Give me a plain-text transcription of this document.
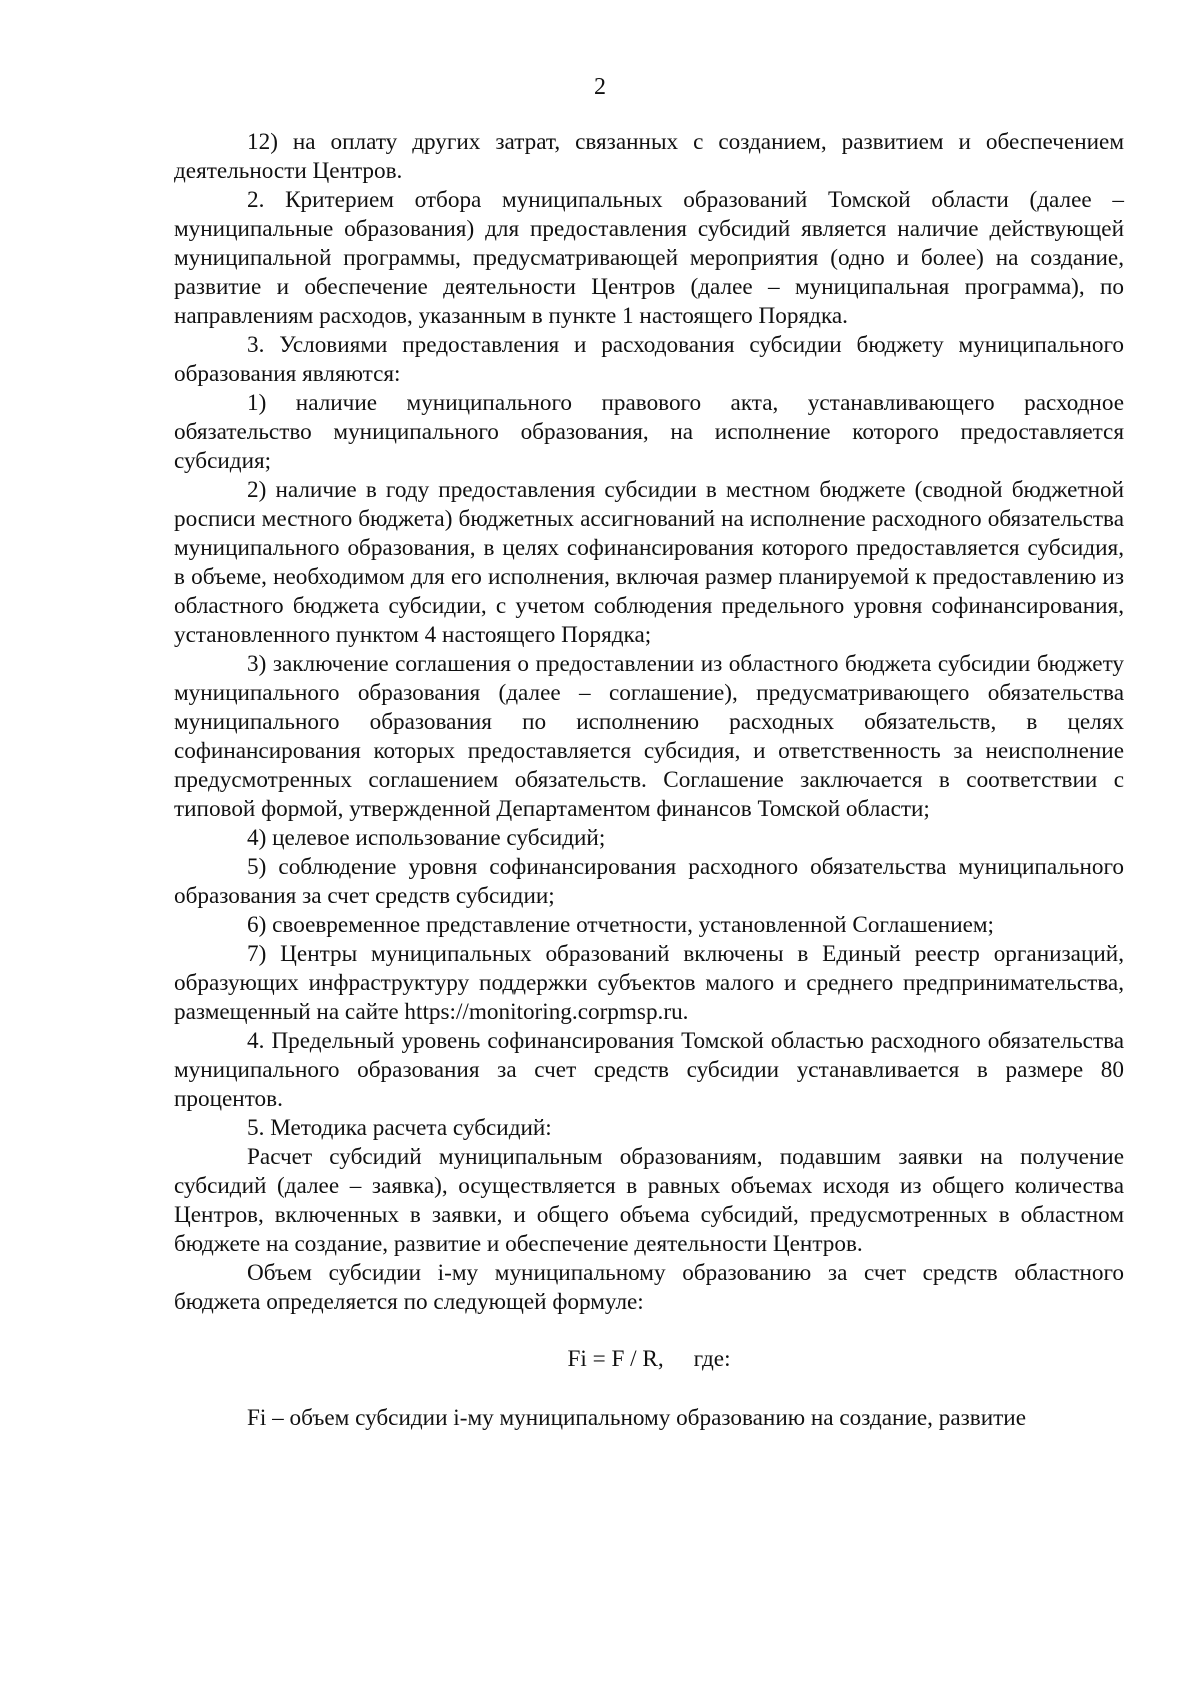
2

12) на оплату других затрат, связанных с созданием, развитием и обеспечением деятельности Центров.

2. Критерием отбора муниципальных образований Томской области (далее – муниципальные образования) для предоставления субсидий является наличие действующей муниципальной программы, предусматривающей мероприятия (одно и более) на создание, развитие и обеспечение деятельности Центров (далее – муниципальная программа), по направлениям расходов, указанным в пункте 1 настоящего Порядка.

3. Условиями предоставления и расходования субсидии бюджету муниципального образования являются:

1) наличие муниципального правового акта, устанавливающего расходное обязательство муниципального образования, на исполнение которого предоставляется субсидия;

2) наличие в году предоставления субсидии в местном бюджете (сводной бюджетной росписи местного бюджета) бюджетных ассигнований на исполнение расходного обязательства муниципального образования, в целях софинансирования которого предоставляется субсидия, в объеме, необходимом для его исполнения, включая размер планируемой к предоставлению из областного бюджета субсидии, с учетом соблюдения предельного уровня софинансирования, установленного пунктом 4 настоящего Порядка;

3) заключение соглашения о предоставлении из областного бюджета субсидии бюджету муниципального образования (далее – соглашение), предусматривающего обязательства муниципального образования по исполнению расходных обязательств, в целях софинансирования которых предоставляется субсидия, и ответственность за неисполнение предусмотренных соглашением обязательств. Соглашение заключается в соответствии с типовой формой, утвержденной Департаментом финансов Томской области;

4) целевое использование субсидий;

5) соблюдение уровня софинансирования расходного обязательства муниципального образования за счет средств субсидии;

6) своевременное представление отчетности, установленной Соглашением;

7) Центры муниципальных образований включены в Единый реестр организаций, образующих инфраструктуру поддержки субъектов малого и среднего предпринимательства, размещенный на сайте https://monitoring.corpmsp.ru.

4. Предельный уровень софинансирования Томской областью расходного обязательства муниципального образования за счет средств субсидии устанавливается в размере 80 процентов.

5. Методика расчета субсидий:

Расчет субсидий муниципальным образованиям, подавшим заявки на получение субсидий (далее – заявка), осуществляется в равных объемах исходя из общего количества Центров, включенных в заявки, и общего объема субсидий, предусмотренных в областном бюджете на создание, развитие и обеспечение деятельности Центров.

Объем субсидии i-му муниципальному образованию за счет средств областного бюджета определяется по следующей формуле:

Fi = F / R, где:

Fi – объем субсидии i-му муниципальному образованию на создание, развитие
